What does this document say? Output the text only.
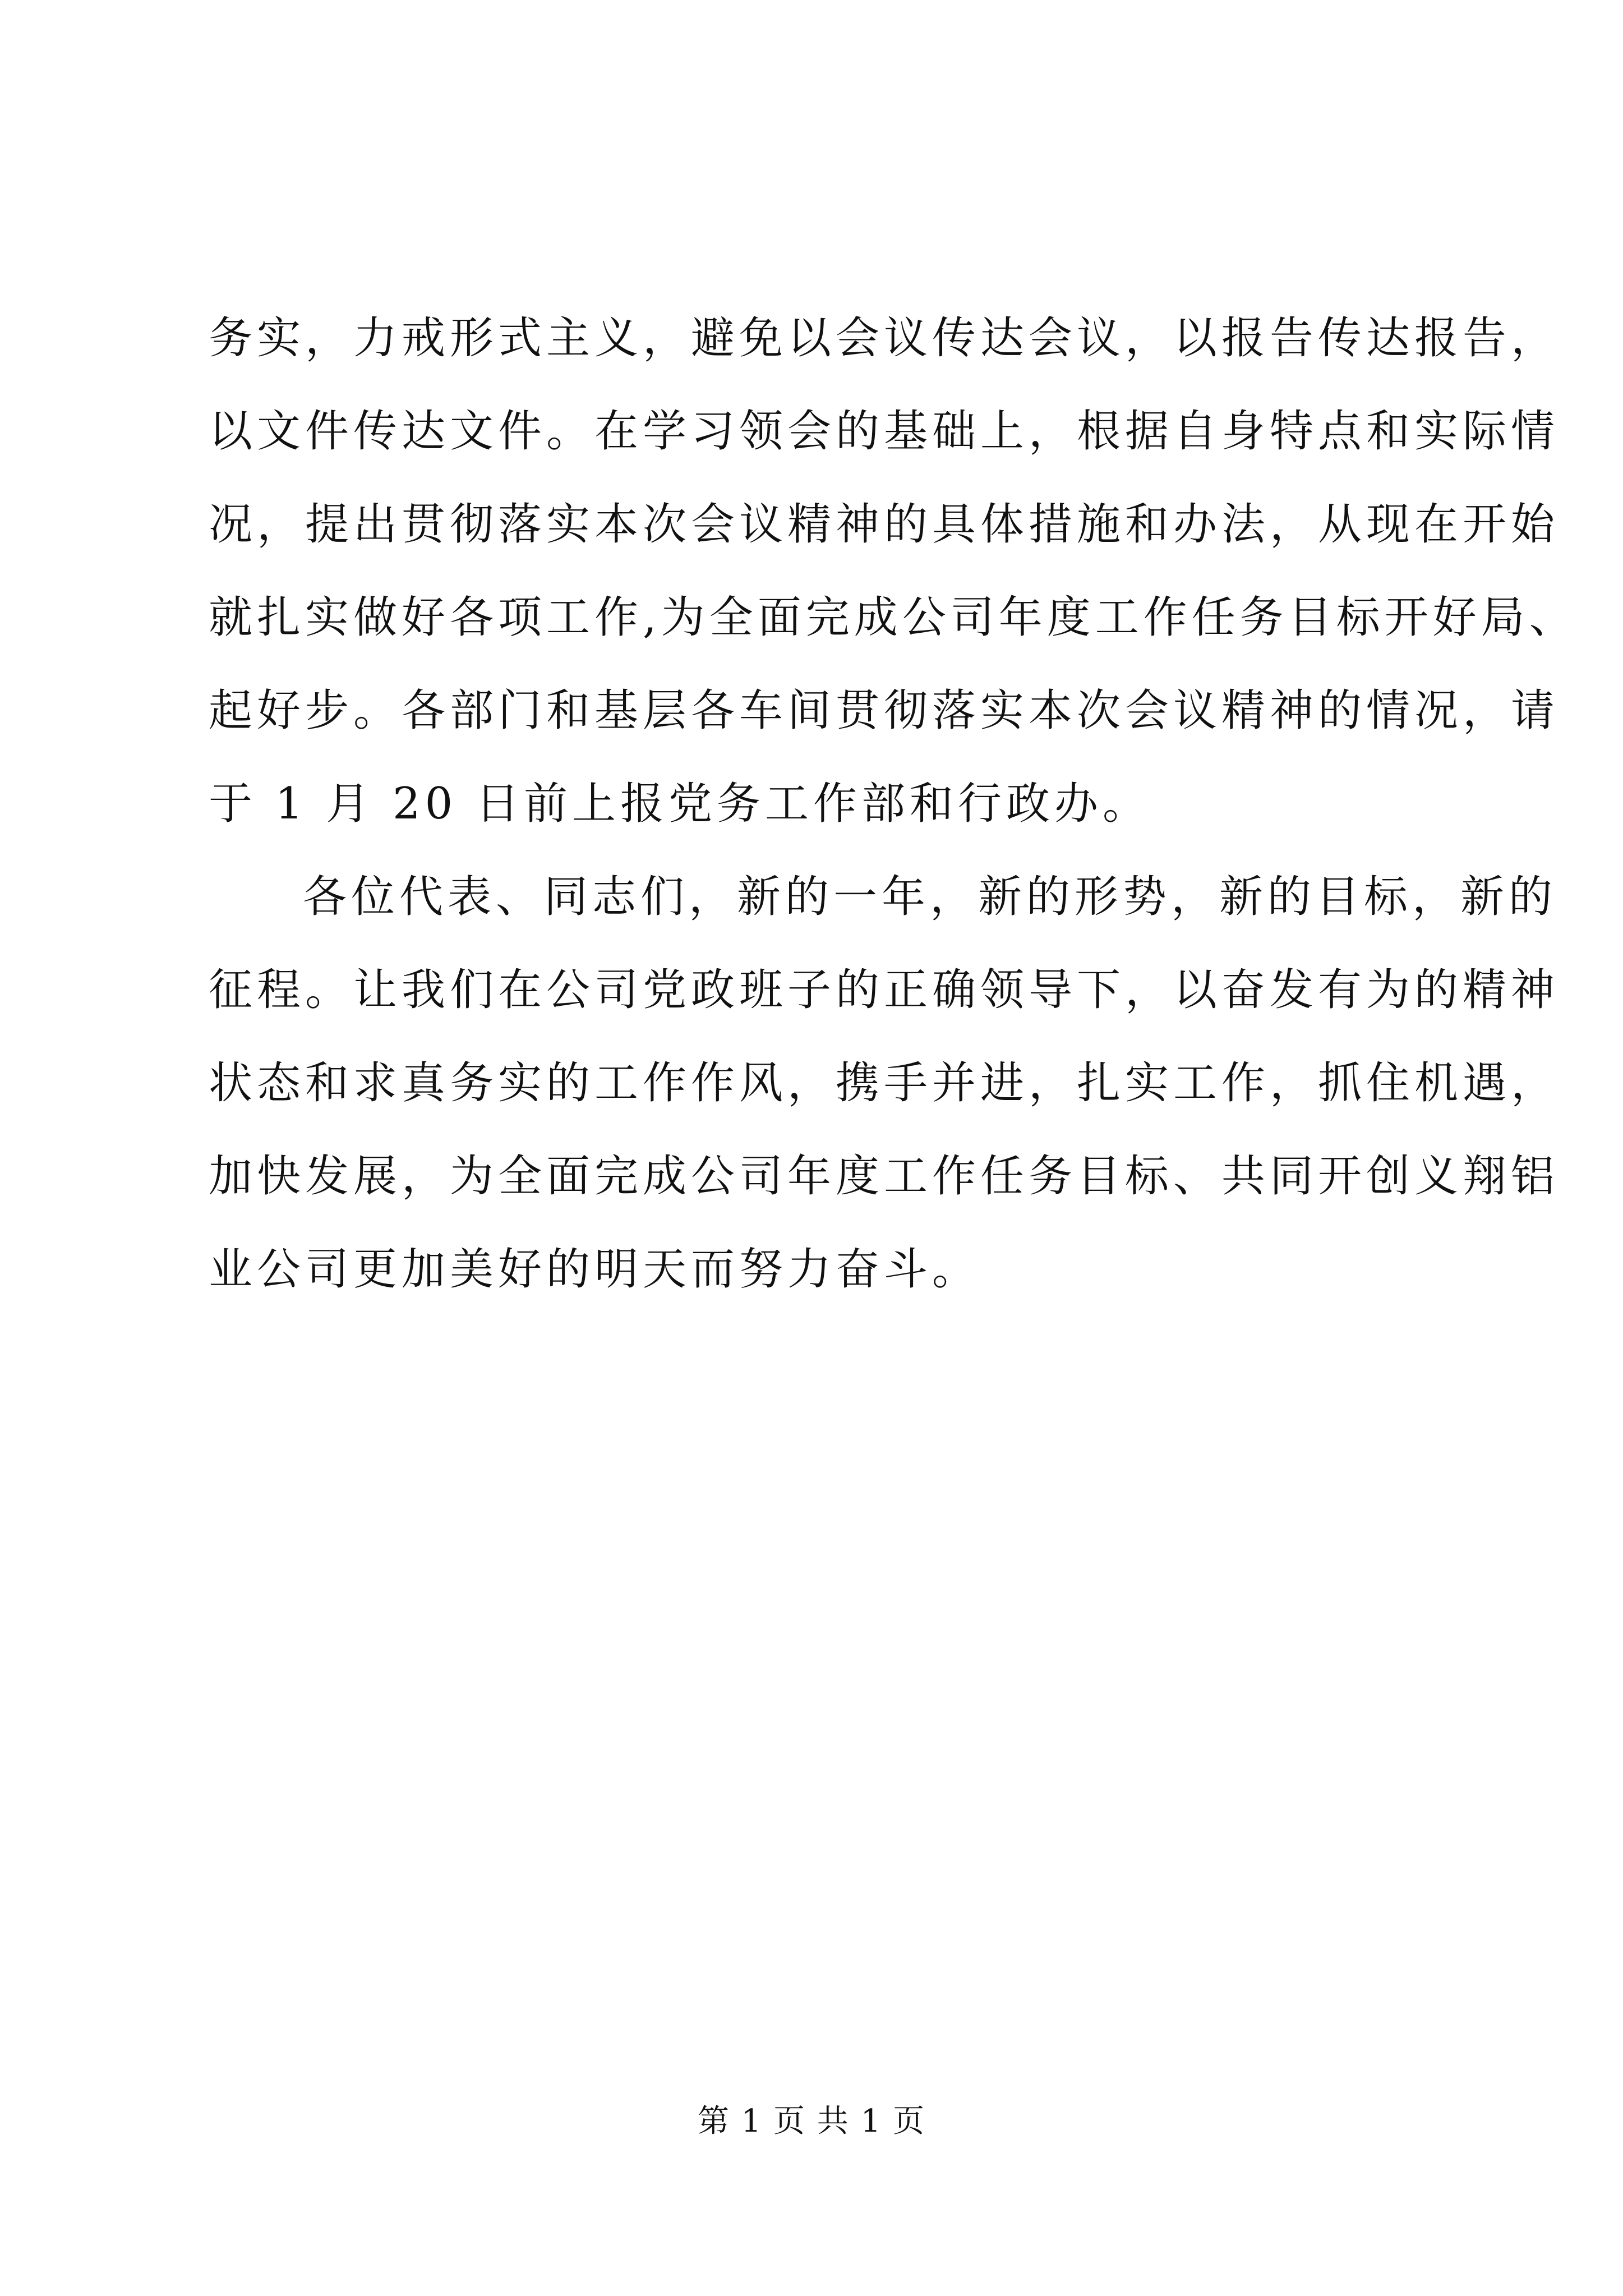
务实，力戒形式主义，避免以会议传达会议，以报告传达报告，
以文件传达文件。在学习领会的基础上，根据自身特点和实际情
况，提出贯彻落实本次会议精神的具体措施和办法，从现在开始
就扎实做好各项工作,为全面完成公司年度工作任务目标开好局、
起好步。各部门和基层各车间贯彻落实本次会议精神的情况，请
于 1 月 20 日前上报党务工作部和行政办。
各位代表、同志们，新的一年，新的形势，新的目标，新的
征程。让我们在公司党政班子的正确领导下，以奋发有为的精神
状态和求真务实的工作作风，携手并进，扎实工作，抓住机遇，
加快发展，为全面完成公司年度工作任务目标、共同开创义翔铝
业公司更加美好的明天而努力奋斗。
第 1 页 共 1 页
